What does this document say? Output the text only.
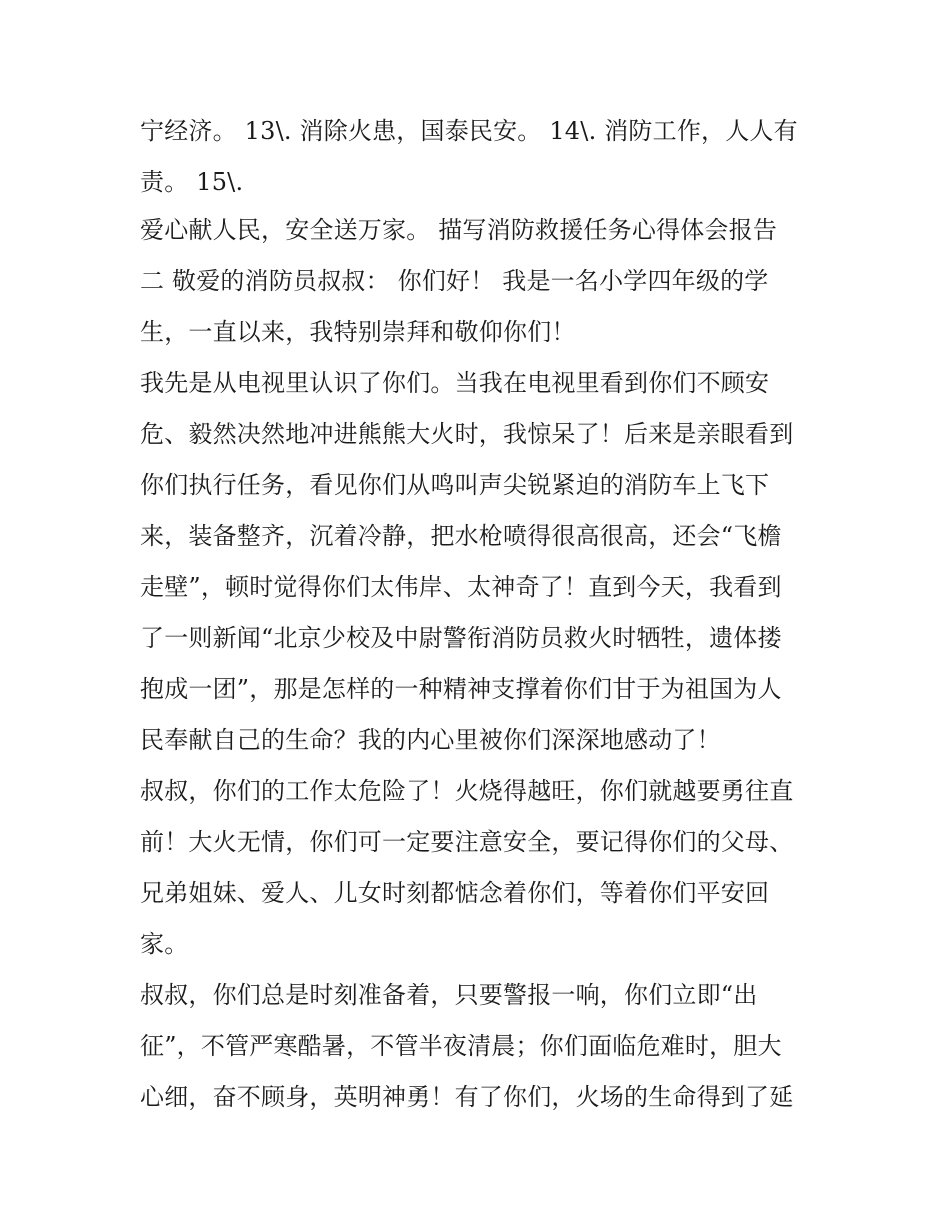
宁经济。 13\. 消除火患，国泰民安。 14\. 消防工作，人人有
责。 15\.
爱心献人民，安全送万家。 描写消防救援任务心得体会报告
二 敬爱的消防员叔叔： 你们好！ 我是一名小学四年级的学
生，一直以来，我特别崇拜和敬仰你们！
我先是从电视里认识了你们。当我在电视里看到你们不顾安
危、毅然决然地冲进熊熊大火时，我惊呆了！后来是亲眼看到
你们执行任务，看见你们从鸣叫声尖锐紧迫的消防车上飞下
来，装备整齐，沉着冷静，把水枪喷得很高很高，还会“飞檐
走壁”，顿时觉得你们太伟岸、太神奇了！直到今天，我看到
了一则新闻“北京少校及中尉警衔消防员救火时牺牲，遗体搂
抱成一团”，那是怎样的一种精神支撑着你们甘于为祖国为人
民奉献自己的生命？我的内心里被你们深深地感动了！
叔叔，你们的工作太危险了！火烧得越旺，你们就越要勇往直
前！大火无情，你们可一定要注意安全，要记得你们的父母、
兄弟姐妹、爱人、儿女时刻都惦念着你们，等着你们平安回
家。
叔叔，你们总是时刻准备着，只要警报一响，你们立即“出
征”，不管严寒酷暑，不管半夜清晨；你们面临危难时，胆大
心细，奋不顾身，英明神勇！有了你们，火场的生命得到了延
